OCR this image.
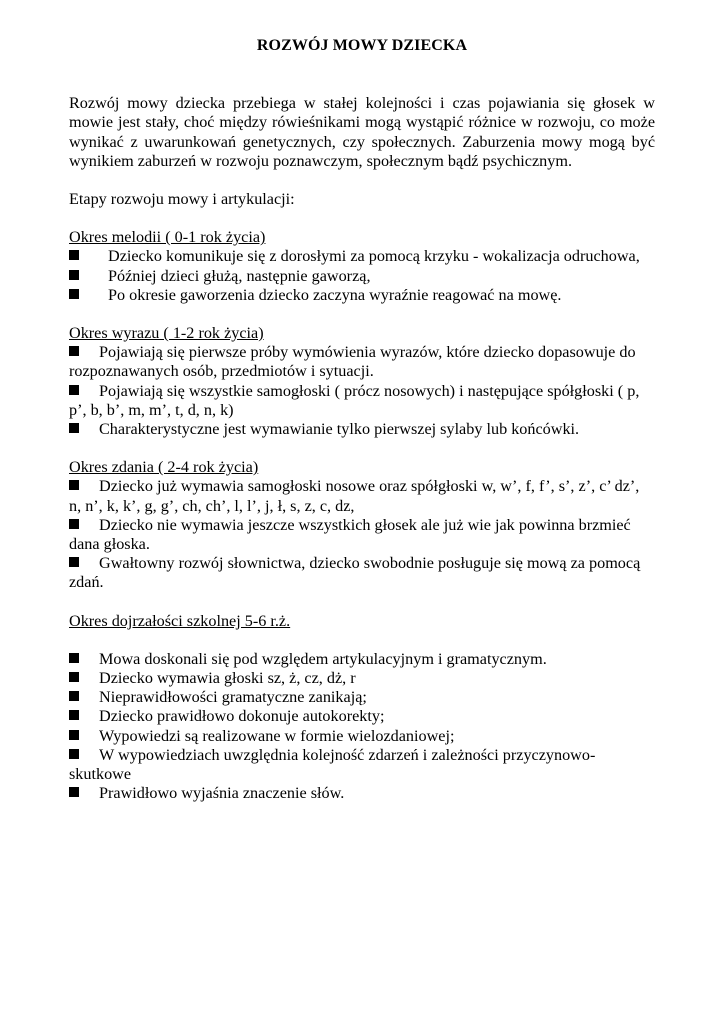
ROZWÓJ MOWY DZIECKA

Rozwój mowy dziecka przebiega w stałej kolejności i czas pojawiania się głosek w mowie jest stały, choć między rówieśnikami mogą wystąpić różnice w rozwoju, co może wynikać z uwarunkowań genetycznych, czy społecznych. Zaburzenia mowy mogą być wynikiem zaburzeń w rozwoju poznawczym, społecznym bądź psychicznym.

Etapy rozwoju mowy i artykulacji:

Okres melodii ( 0-1 rok życia)

Dziecko komunikuje się z dorosłymi za pomocą krzyku - wokalizacja odruchowa,
Później dzieci głużą, następnie gaworzą,
Po okresie gaworzenia dziecko zaczyna wyraźnie reagować na mowę.

Okres wyrazu ( 1-2 rok życia)

Pojawiają się pierwsze próby wymówienia wyrazów, które dziecko dopasowuje do rozpoznawanych osób, przedmiotów i sytuacji.
Pojawiają się wszystkie samogłoski ( prócz nosowych) i następujące spółgłoski ( p, p’, b, b’, m, m’, t, d, n, k)
Charakterystyczne jest wymawianie tylko pierwszej sylaby lub końcówki.

Okres zdania ( 2-4 rok życia)

Dziecko już wymawia samogłoski nosowe oraz spółgłoski w, w’, f, f’, s’, z’, c’ dz’, n, n’, k, k’, g, g’, ch, ch’, l, l’, j, ł, s, z, c, dz,
Dziecko nie wymawia jeszcze wszystkich głosek ale już wie jak powinna brzmieć dana głoska.
Gwałtowny rozwój słownictwa, dziecko swobodnie posługuje się mową za pomocą zdań.

Okres dojrzałości szkolnej 5-6 r.ż.

Mowa doskonali się pod względem artykulacyjnym i gramatycznym.
Dziecko wymawia głoski sz, ż, cz, dż, r
Nieprawidłowości gramatyczne zanikają;
Dziecko prawidłowo dokonuje autokorekty;
Wypowiedzi są realizowane w formie wielozdaniowej;
W wypowiedziach uwzględnia kolejność zdarzeń i zależności przyczynowo-skutkowe
Prawidłowo wyjaśnia znaczenie słów.
